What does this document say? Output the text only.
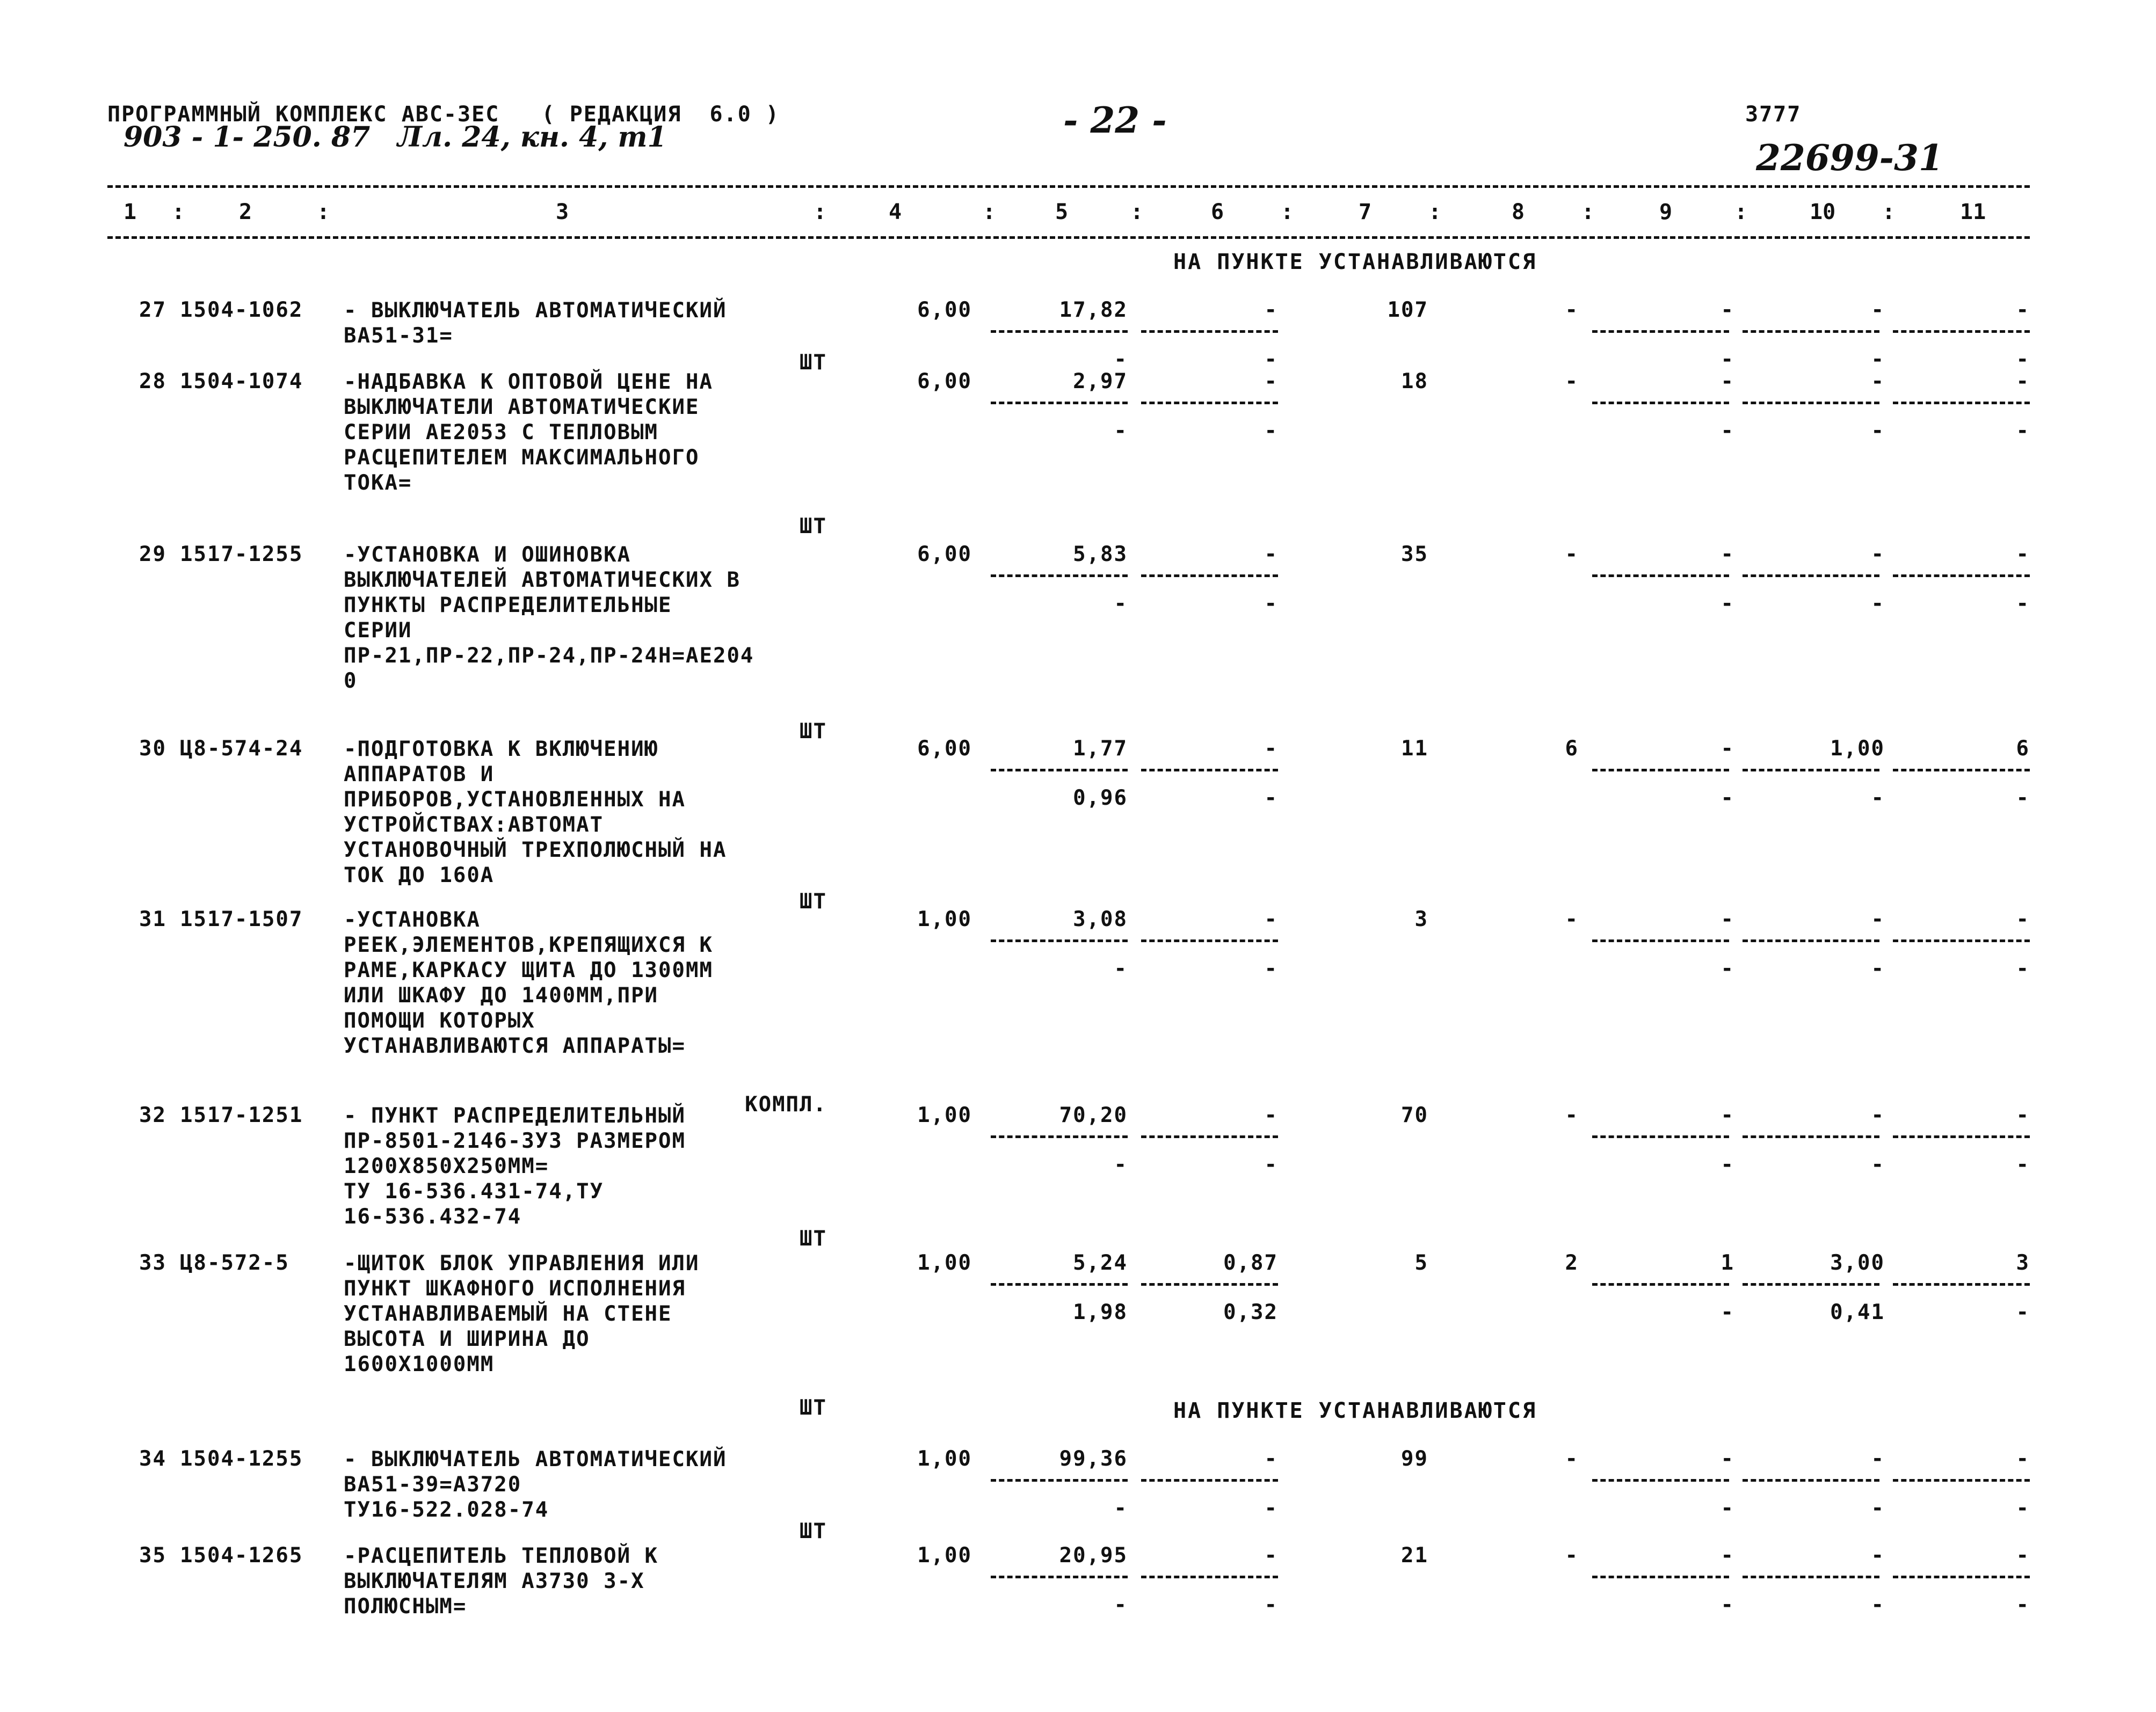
ПРОГРАММНЫЙ КОМПЛЕКС АВС-3ЕС   ( РЕДАКЦИЯ  6.0 )
903 - 1- 250. 87 Лл. 24, кн. 4, т1	- 22 -	3777
22699-31
1	2	3	4	5	6	7	8	9	10	11
:	:	:	:	:	:	:	:	:	:
НА ПУНКТЕ УСТАНАВЛИВАЮТСЯ
НА ПУНКТЕ УСТАНАВЛИВАЮТСЯ
27 1504-1062	- ВЫКЛЮЧАТЕЛЬ АВТОМАТИЧЕСКИЙ
ВА51-31=
ШТ
6,00	17,82	-	107	-	-	-	-
-	-	-	-	-
28 1504-1074	-НАДБАВКА К ОПТОВОЙ ЦЕНЕ НА
ВЫКЛЮЧАТЕЛИ АВТОМАТИЧЕСКИЕ
СЕРИИ АЕ2053 С ТЕПЛОВЫМ
РАСЦЕПИТЕЛЕМ МАКСИМАЛЬНОГО
ТОКА=
ШТ
6,00	2,97	-	18	-	-	-	-
-	-	-	-	-
29 1517-1255	-УСТАНОВКА И ОШИНОВКА
ВЫКЛЮЧАТЕЛЕЙ АВТОМАТИЧЕСКИХ В
ПУНКТЫ РАСПРЕДЕЛИТЕЛЬНЫЕ
СЕРИИ
ПР-21,ПР-22,ПР-24,ПР-24Н=АЕ204
0
ШТ
6,00	5,83	-	35	-	-	-	-
-	-	-	-	-
30 Ц8-574-24	-ПОДГОТОВКА К ВКЛЮЧЕНИЮ
АППАРАТОВ И
ПРИБОРОВ,УСТАНОВЛЕННЫХ НА
УСТРОЙСТВАХ:АВТОМАТ
УСТАНОВОЧНЫЙ ТРЕХПОЛЮСНЫЙ НА
ТОК ДО 160А
ШТ
6,00	1,77	-	11	6	-	1,00	6
0,96	-	-	-	-
31 1517-1507	-УСТАНОВКА
РЕЕК,ЭЛЕМЕНТОВ,КРЕПЯЩИХСЯ К
РАМЕ,КАРКАСУ ЩИТА ДО 1300ММ
ИЛИ ШКАФУ ДО 1400ММ,ПРИ
ПОМОЩИ КОТОРЫХ
УСТАНАВЛИВАЮТСЯ АППАРАТЫ=
КОМПЛ.
1,00	3,08	-	3	-	-	-	-
-	-	-	-	-
32 1517-1251	- ПУНКТ РАСПРЕДЕЛИТЕЛЬНЫЙ
ПР-8501-2146-3У3 РАЗМЕРОМ
1200Х850Х250ММ=
ТУ 16-536.431-74,ТУ
16-536.432-74
ШТ
1,00	70,20	-	70	-	-	-	-
-	-	-	-	-
33 Ц8-572-5	-ЩИТОК БЛОК УПРАВЛЕНИЯ ИЛИ
ПУНКТ ШКАФНОГО ИСПОЛНЕНИЯ
УСТАНАВЛИВАЕМЫЙ НА СТЕНЕ
ВЫСОТА И ШИРИНА ДО
1600Х1000ММ
ШТ
1,00	5,24	0,87	5	2	1	3,00	3
1,98	0,32	-	0,41	-
34 1504-1255	- ВЫКЛЮЧАТЕЛЬ АВТОМАТИЧЕСКИЙ
ВА51-39=А3720
ТУ16-522.028-74
ШТ
1,00	99,36	-	99	-	-	-	-
-	-	-	-	-
35 1504-1265	-РАСЦЕПИТЕЛЬ ТЕПЛОВОЙ К
ВЫКЛЮЧАТЕЛЯМ А3730 3-Х
ПОЛЮСНЫМ=
1,00	20,95	-	21	-	-	-	-
-	-	-	-	-
